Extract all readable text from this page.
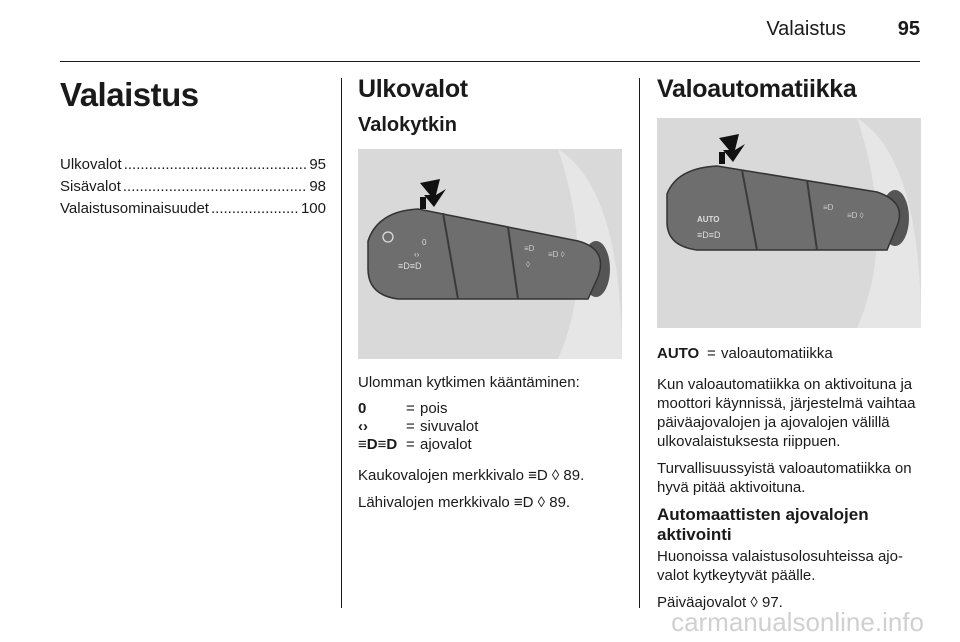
Valaistus	95
Valaistus
Ulkovalot .....	95
Sisävalot .....	98
Valaistusominaisuudet .....	100
Ulkovalot
Valokytkin
0
‹›
≡D≡D
≡D
◊
≡D ◊

Ulomman kytkimen kääntäminen:

0	= pois
‹›	= sivuvalot
≡D≡D = ajovalot

Kaukovalojen merkkivalo ≡D ◊ 89.

Lähivalojen merkkivalo ≡D ◊ 89.

Valoautomatiikka
AUTO
≡D≡D
≡D
≡D ◊
AUTO = valoautomatiikka

Kun valoautomatiikka on aktivoituna ja moottori käynnissä, järjestelmä vaihtaa päiväajovalojen ja ajovalojen välillä ulkovalaistuksesta riippuen.

Turvallisuussyistä valoautomatiikka on hyvä pitää aktivoituna.

Automaattisten ajovalojen aktivointi

Huonoissa valaistusolosuhteissa ajo- valot kytkeytyvät päälle.

Päiväajovalot ◊ 97.

carmanualsonline.info
